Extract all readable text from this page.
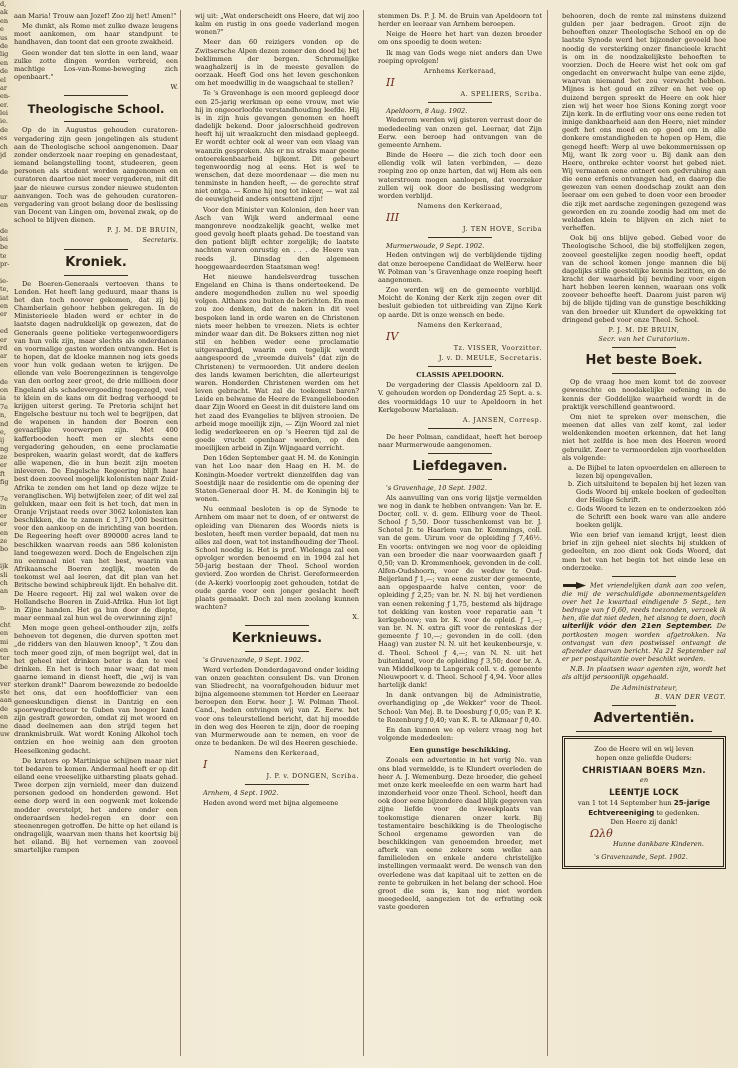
d,
ak
en
e
us
de
lig
en
de
el
ar
en-
er.
lei
ie.
de
es
ch
jd
de
ur
en
de
lei
be
te
pr-
ie-
te,
iat
en
er
ed
er
rd
ar
en
de
on
ia
7e
n,
nd
e,
ij
ng
ze
er
ft
fig
7e
in
er
er
en
ze
bo
ijk
sli
ch
an
n-
cht
en
mi
en
ter
be
ver
ste
aan
de
en
ne
uw

aan Maria! Trouw aan Jozef! Zoo zij het! Amen!"

Me dunkt, als Rome met zulke dwaze leugens moet aankomen, om haar standpunt te handhaven, dan toont dat een groote zwakheid.

Geen wonder dat ten slotte in een land, waar zulke zotte dingen worden verbreid, een machtige Los-van-Rome-beweging zich openbaart."

W.
Theologische School.

Op de in Augustus gehouden curatoren-vergadering zijn geen jongelingen als student aan de Theologische school aangenomen. Daar zonder onderzoek naar roeping en genadestaat, iemand belangstelling toont, studeeren, geen personen als student worden aangenomen en curatoren daartoe niet meer vergaderen, mit dit jaar de nieuwe cursus zonder nieuwe studenten aanvangen. Toch was de gehouden curatoren-vergadering van groot belang door de beslissing van Docent van Lingen om, bovenal zwak, op de school te blijven dienen.

P. J. M. DE BRUIN,
Secretaris.
Kroniek.

De Boeren-Generaals vertoeven thans te Londen. Het heeft lang geduurd, maar thans is het dan toch noover gekomen, dat zij bij Chamberlain gehoor hebben gekregen. In de Ministerieele bladen werd er echter in de laatste dagen nadrukkelijk op gewezen, dat de Generaals geene politieke vertegenwoordigers van hun volk zijn, maar slechts als onderdanen en voormalige gasten worden ontvangen. Het is te hopen, dat de kloeke mannen nog iets goeds voor hun volk gedaan weten te krijgen. De ellende van vele Boerengezinnen is tengevolge van den oorlog zeer groot, de drie millioen door Engeland als schadevergoeding toegezegd, veel te klein en de kans om dit bedrag verhoogd te krijgen uiterst gering. Te Pretoria schijnt het Engelsche bestuur nu toch wel te begrijpen, dat de wapenen in handen der Boeren een gevaarlijke voorwerpen zijn. Met 400 kafferbooden heeft men er slechts eene vergadering gehouden, en eene proclamatie bespreken, waarin gelast wordt, dat de kaffers alle wapenen, die in hun bezit zijn moeten inleveren. De Engelsche Regeering blijft haar best doen zooveel mogelijk kolonisten naar Zuid-Afrika te zenden om het land op deze wijze te veranglischen. Wij betwijfelen zeer, of dit wel zal gelukken, maar een feit is het toch, dat men in Oranje Vrijstaat reeds over 3062 kolonisten kan beschikken, die te zamen £ 1,371,000 besitten voor den aankoop en de inrichting van boerden. De Regeering heeft over 890000 acres land te beschikken waarvan reeds aan 586 kolonisten land toegewezen werd. Doch de Engelschen zijn nu eenmaal niet van het best, waarin van Afrikaansche Boeren zeglijk, moeten de toekomst wel aal leeren, dat dit plan van het Britsche bewind schipbreuk lijdt. En behalve dit. De Heere regeert. Hij zal wel waken over de Hollandsche Boeren in Zuid-Afrika. Hun lot ligt in Zijne handen. Het ga hun door de diepte, maar eenmaal zal hun wel de overwinning zijn!

Men moge geen geheel-onthouder zijn, zelfs behoeven tot degenen, die durven spotten met „de ridders van den blauwen knoop", 't Zou dan toch meer goed zijn, of men begrijpt wel, dat in het geheel niet drinken beter is dan te veel drinken. En het is toch maar waar, dat men gaarne iemand in dienst heeft, die „wij is van sterken drank!" Daarom bewezende zo bedoelde het ons, dat een hoofdofficier van een geneeskundigen dienst in Dantzig en een spoorwegdirecteur te Guben van hooger kand zijn gestraft geworden, omdat zij met woord en daad deelnemen aan den strijd tegen het drankmisbruik. Wat wordt Koning Alkohol toch ontzien en hoe weinig aan den grooten Heeselkoning gedacht.

De kraters op Martinique schijnen maar niet tot bedaren te komen. Andermaal heeft er op dit eiland eene vreeselijke uitbarsting plaats gehad. Twee dorpen zijn vernield, meer dan duizend personen gedood en honderden gewond. Het eene dorp werd in een oogwenk met kokende modder overstelpt, het andere onder een onderaardsen hedel-regen en door een steenenregen getroffen. De hitte op het eiland is ondragelijk, waarvan men thans het koortsig bij het eiland. Bij het vernemen van zooveel smartelijke rampen

wij uit: „Wat onderscheidt ons Heere, dat wij zoo kalm en rustig in ons goede vaderland mogen wonen?"

Meer dan 60 reizigers vonden op de Zwitsersche Alpen dezen zomer den dood bij het beklimmen der bergen. Schromelijke waaghalzerij is in de meeste gevallen de oorzaak. Heeft God ons het leven geschonken om het moedwillig in de waagschaal te stellen?

Te 's Gravenhage is een moord gepleegd door een 25-jarig werkman op eene vrouw, met wie hij in ongeoorloofde verstandhouding leefde. Hij is in zijn huis gevangen genomen en heeft dadelijk bekend. Door jaloerschheid gedreven heeft hij uit wraakzucht den misdaad gepleegd. Er wordt echter ook al weer van een vlaag van waanzin gesproken. Als er nu straks maar geene ontoerekenbaarheid bijkomt. Dit gebeurt tegenwoordig nog al eens. Het is wel te wenschen, dat deze moordenaar — die men nu tenminste in handen heeft, — de gerechte straf niet ontga. — Kome hij nog tot inkeer, — wat zal de eeuwigheid anders ontsettend zijn!

Voor den Minister van Kolonien, den heer van Asch van Wijk werd andermaal eene mangonreve noodzakelijk geacht, welke met goed gevolg heeft plaats gehad. De toestand van den patient blijft echter zorgelijk; de laatste nachten waren onrustig en . . . de Heere van reeds jl. Dinsdag den algemeen hooggewaardeerden Staatsman weg!

Het nieuwe handelsverdrag tusschen Engeland en China is thans onderteekend. De andere mogendheden zullen nu wel spoedig volgen. Althans zou buiten de berichten. En men zou zoo denken, dat de naken in dit veel bespoken land in orde waren en de Christenen niets meer hebben te vreezen. Niets is echter minder waar dan dit. De Boksers zitten nog niet stil en hebben weder eene proclamatie uitgevaardigd, waarin een tegelijk wordt aangespoord de „vreemde duivels" (dat zijn de Christenen) te vermoorden. Uit andere deelen des lands kwamen berichten, die allerteurigst waren. Honderden Christenen werden om het leven gebracht. Wat zal de toekomst baren? Leide en belwame de Heere de Evangeliebooden daar Zijn Woord en Geest in dit duistere land om het zaad des Evangelies te blijven strooien. De arbeid moge moeilijk zijn, — Zijn Woord zal niet ledig wederkeeren en op 's Heeren tijd zal de goede vrucht openbaar worden, op den moeilijken arbeid in Zijn Wijngaard verricht.

Den 16den September gaat H. M. de Koningin van het Loo naar den Haag en H. M. de Koningin-Moeder vertrekt dienzelfden dag van Soestdijk naar de residentie om de opening der Staten-Generaal door H. M. de Koningin bij te wonen.

Nu eenmaal besloten is op de Synode te Arnhem om maar net te doen, of er ontwerst de opleiding van Dienaren des Woords niets is besloten, heeft men verder bepaald, dat men nu alles zal doen, wat tot instandhouding der Theol. School noodig is. Het is prof. Wielenga zal een opvolger worden benoemd en in 1904 zal het 50-jarig bestaan der Theol. School worden gevierd. Zoo worden de Christ. Gereformeerden (de A-kerk) voorloopig zoet gehouden, totdat de oude garde voor een jonger geslacht heeft plaats gemaakt. Doch zal men zoolang kunnen wachten?

X.
Kerknieuws.
's Gravenzande, 9 Sept. 1902.

Werd verleden Donderdagavond onder leiding van onzen geachten consulent Ds. van Dronen van Sliedrecht, na voorafgehouden biduur met bijna algemeene stemmen tot Herder en Leeraar beroepen den Eerw. heer J. W. Polman Theol. Cand., heden ontvingen wij van Z. Eerw. het voor ons teleurstellend bericht, dat hij moedde in den weg des Heeren te zijn, door de roeping van Murmerwoude aan te nemen, en voor de onze te bedanken. De wil des Heeren geschiede.

Namens den Kerkeraad,
I
J. P. v. DONGEN, Scriba.
Arnhem, 4 Sept. 1902.

Heden avond werd met bijna algemeene

stemmen Ds. P. J. M. de Bruin van Apeldoorn tot herder en leeraar van Arnhem beroepen.

Neige de Heere het hart van dezen broeder om ons spoedig te doen weten:

Ik mag van Gods wege niet anders dan Uwe roeping opvolgen!

Arnhems Kerkeraad,
II
A. SPELIERS, Scriba.
Apeldoorn, 8 Aug. 1902.

Wederom werden wij gisteren verrast door de mededeeling van onzen gel. Leeraar, dat Zijn Eerw. een beroep had ontvangen van de gemeente Arnhem.

Binde de Heere — die zich toch door een ellendig volk wil laten verbinden, — deze roeping zoo op onze harten, dat wij Hem als een waterstroom mogen aanloopen, dat voorzeker zullen wij ook door de beslissing wedgrom worden verblijd.

Namens den Kerkeraad,
III
J. TEN HOVE, Scriba
Murmerwoude, 9 Sept. 1902.

Heden ontvingen wij de verblijdende tijding dat onze beroepene Candidaat de WelEerw. heer W. Polman van 's Gravenhage onze roeping heeft aangenomen.

Zoo werden wij en de gemeente verblijd. Moicht de Koning der Kerk zijn zegen over dit besluit gebieden tot uitbreiding van Zijne Kerk op aarde. Dit is onze wensch en bede.

Namens den Kerkeraad,
IV
Tz. VISSER, Voorzitter.
J. v. D. MEULE, Secretaris.
CLASSIS APELDOORN.

De vergadering der Classis Apeldoorn zal D. V. gehouden worden op Donderdag 25 Sept. a. s. des voormiddags 10 uur te Apeldoorn in het Kerkgebouw Marialaan.

A. JANSEN, Corresp.

De heer Polman, candidaat, heeft het beroep naar Murmerwoude aangenomen.

Liefdegaven.
's Gravenhage, 10 Sept. 1902.

Als aanvulling van ons vorig lijstje vermelden we nog in dank te hebben ontvangen: Van br. E. Docter, coll. v. d. gem. Ellburg voor de Theol. School ƒ 5,50. Door tusschenkomst van br. J. Schotel Jr. te Haarlem van br. Kommings, coll. van de gem. Uirum voor de opleiding ƒ 7,46½. En voorts: ontvingen we nog voor de opleiding van een broeder die naar voorwaarden gaaft ƒ 0,50; van D. Krommenhoek, gevonden in de coll. Alfen-Oudshoorn, voor de weduw te Oud-Beijerland ƒ 1,—; van eene zuster der gemeente, aan opgespaarde halve centen, voor de opleiding ƒ 2,25; van br. N. N. bij het verdienen van eenen rekening ƒ 1,75, bestemd als bijdrage tot dekking van kosten voor reparatie aan 't kerkgebouw; van br. K. voor de opleid. ƒ 1,—; van br. N. N. extra gift voor de renteskas der gemeente ƒ 10,—; gevonden in de coll. (den Haag) van zuster N. N. uit het keukenbeursje, v. d. Theol. School ƒ 4,—; van N. N. uit het buitenland, voor de opleiding ƒ 3,50; door br. A. van Middelkoop te Langerak coll. v. d. gemeente Nieuwpoort v. d. Theol. School ƒ 4,94. Voor alles hartelijk dank!

In dank ontvangen bij de Administratie, overhandiging op „de Wekker" voor de Theol. School: Van Mej. B. te Doesburg ƒ 0,05; van P. K. te Rozenburg ƒ 0,40; van K. R. te Alkmaar ƒ 0,40.

En dan kunnen we op velerz vraag nog het volgende mededeelen:

Een gunstige beschikking.

Zooals een advertentie in het vorig No. van ons blad vermeldde, is te Klundert overleden de heer A. J. Wemenburg. Deze broeder, die geheel met onze kerk meeleefde en een warm hart had inzonderheid voor onze Theol. School, heeft dan ook door eene bijzondere daad blijk gegeven van zijne liefde voor de kweekplaats van toekomstige dienaren onzer kerk. Bij testamentaire beschikking is de Theologische School ergename geworden van de beschikkingen van genoemden broeder, met afterk van eene zekere som welke aan familieleden en enkele andere christelijke instellingen vermaakt werd. De wensch van den overledene was dat kapitaal uit te zetten en de rente te gebruiken in het belang der school. Hoe groot die som is, kan nog niet worden meegedeeld, aangezien tot de erfrating ook vaste goederen

behooren, doch de rente zal minstens duizend gulden per jaar bedragen. Groot zijn de behoeften onzer Theologische School en op de laatste Synode werd het bijzonder gevoeld hoe noodig de versterking onzer financieele kracht is om in de noodzakelijkste behoeften te voorzien. Doch de Heere wist het ook om gaf ongedacht en onverwacht hulpe van eene zijde, waarvan niemand het zou verwacht hebben. Mijnes is het goud en zilver en het vee op duizend bergen spreekt de Heere en ook hier zien wij het weer hoe Sions Koning zorgt voor Zijn kerk. In de erfluting voor ons eene reden tot innige dankbaarheid aan den Heere, niet minder geeft het ons moed en op goed om in alle donkere omstandigheden te hopen op Hem, die genegd heeft: Werp al uwe bekommernissen op Mij, want Ik zorg voor u. Bij dank aan den Heere, ontbreke echter voorst het gebed niet. Wij vermanen eene ontnert een gedvrubing aan die eene erfenis ontvangen had, en daarop die gewezen van eenen doodschap zoukt aan den leeraar om een gebed te doen voor een broeder die zijk met aardsche zegeningen gezegend was geworden en zu zoande zoodig had om met de weldaden klein te blijven en zich niet te verheffen.

Ook bij ons blijve gebed. Gebed voor de Theologische School, die bij stoffelijken zegen, zooveel geestelijke zegen noodig heeft, opdat van de school komen jonge mannen die bij dagelijks stille geestelijke kennis bezitten, en de kracht der waarheid bij bevinding voor eigen hart hebben leeren kennen, waaraan ons volk zooveer behoefte heeft. Daarom juist paren wij bij de blijde tijding van de gunstige beschikking van den broeder uit Klundert de opwekking tot dringend gebed voor onze Theol. School.

P. J. M. DE BRUIN,
Secr. van het Curatorium.
Het beste Boek.

Op de vraag hoe men komt tot de zooveer gewenschte en noodakelijke oefening in de kennis der Goddelijke waarheid wordt in de praktijk verschillend geantwoord.

Om niet te spreken over menschen, die meenen dat alles van zelf komt, zal ieder weldenkenden moeten erkennen, dat het lang niet het zelfde is hoe men des Heeren woord gebruikt. Zeer te vermoordelen zijn voorheelden als volgende:

a. De Bijbel te laten opvoerdelen en allereen te lezen bij opengevallen.
b. Zich uitsluitend te bepalen bij het lezen van Gods Woord bij enkele boeken of gedeelten der Heilige Schrift.
c. Gods Woord te lezen en te onderzoeken zóó de Schrift een boek ware van alle andere boeken gelijk.

Wie een brief van iemand krijgt, leest dien brief in zijn geheel niet slechts bij stukken of gedeelten, en zoo dient ook Gods Woord, dat men het van het begin tot het einde lese en onderzoeke.

Met vriendelijken dank aan zoo velen, die mij de verschuldigde abonnementsgelden over het 1e kwartaal eindigende 5 Sept., ten bedrage van ƒ 0,60, reeds toezonden, verzoek ik hen, die dat niet deden, het alsnog te doen, doch uiterlijk vóór den 21en September. De portkosten mogen worden afgetrokken. Na ontvangst van den postwissel ontvangt de afzender daarvan bericht. Na 21 September zal er per postquitantie over beschikt worden.

N.B. In plaatsen waar agenten zijn, wordt het als altijd persoonlijk opgehaald.

De Administrateur,
B. VAN DER VEGT.
Advertentiën.
Zoo de Heere wil en wij leven
hopen onze geliefde Ouders:
CHRISTIAAN BOERS Mzn.
en
LEENTJE LOCK
van 1 tot 14 September hun 25-jarige Echtvereeniging te gedenken.
Den Heere zij dank!
Ωλθ
Hunne dankbare Kinderen.
's Gravenzande, Sept. 1902.
